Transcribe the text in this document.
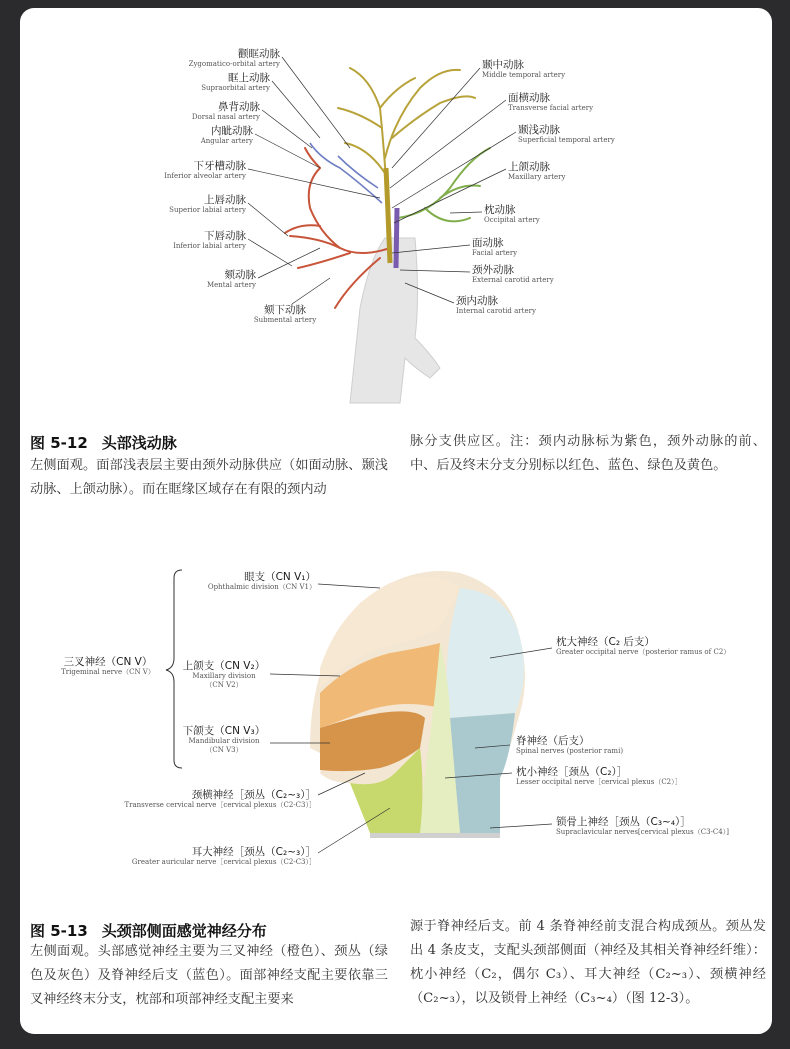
颧眶动脉
Zygomatico-orbital artery
眶上动脉
Supraorbital artery
鼻背动脉
Dorsal nasal artery
内眦动脉
Angular artery
下牙槽动脉
Inferior alveolar artery
上唇动脉
Superior labial artery
下唇动脉
Inferior labial artery
颏动脉
Mental artery
颏下动脉
Submental artery
颞中动脉
Middle temporal artery
面横动脉
Transverse facial artery
颞浅动脉
Superficial temporal artery
上颌动脉
Maxillary artery
枕动脉
Occipital artery
面动脉
Facial artery
颈外动脉
External carotid artery
颈内动脉
Internal carotid artery
图 5-12 头部浅动脉
左侧面观。面部浅表层主要由颈外动脉供应（如面动脉、颞浅动脉、上颌动脉）。而在眶缘区域存在有限的颈内动
脉分支供应区。注：颈内动脉标为紫色，颈外动脉的前、中、后及终末分支分别标以红色、蓝色、绿色及黄色。
三叉神经（CN V）
Trigeminal nerve（CN V）
眼支（CN V₁）
Ophthalmic division（CN V1）
上颌支（CN V₂）
Maxillary division
（CN V2）
下颌支（CN V₃）
Mandibular division
（CN V3）
颈横神经［颈丛（C₂~₃）］
Transverse cervical nerve［cervical plexus（C2-C3）］
耳大神经［颈丛（C₂~₃）］
Greater auricular nerve［cervical plexus（C2-C3）］
枕大神经（C₂ 后支）
Greater occipital nerve（posterior ramus of C2）
脊神经（后支）
Spinal nerves (posterior rami)
枕小神经［颈丛（C₂）］
Lesser occipital nerve［cervical plexus（C2）］
锁骨上神经［颈丛（C₃~₄）］
Supraclavicular nerves[cervical plexus（C3-C4）]
图 5-13 头颈部侧面感觉神经分布
左侧面观。头部感觉神经主要为三叉神经（橙色）、颈丛（绿色及灰色）及脊神经后支（蓝色）。面部神经支配主要依靠三叉神经终末分支，枕部和项部神经支配主要来
源于脊神经后支。前 4 条脊神经前支混合构成颈丛。颈丛发出 4 条皮支，支配头颈部侧面（神经及其相关脊神经纤维）：枕小神经（C₂，偶尔 C₃）、耳大神经（C₂~₃）、颈横神经（C₂~₃），以及锁骨上神经（C₃~₄）（图 12-3）。
